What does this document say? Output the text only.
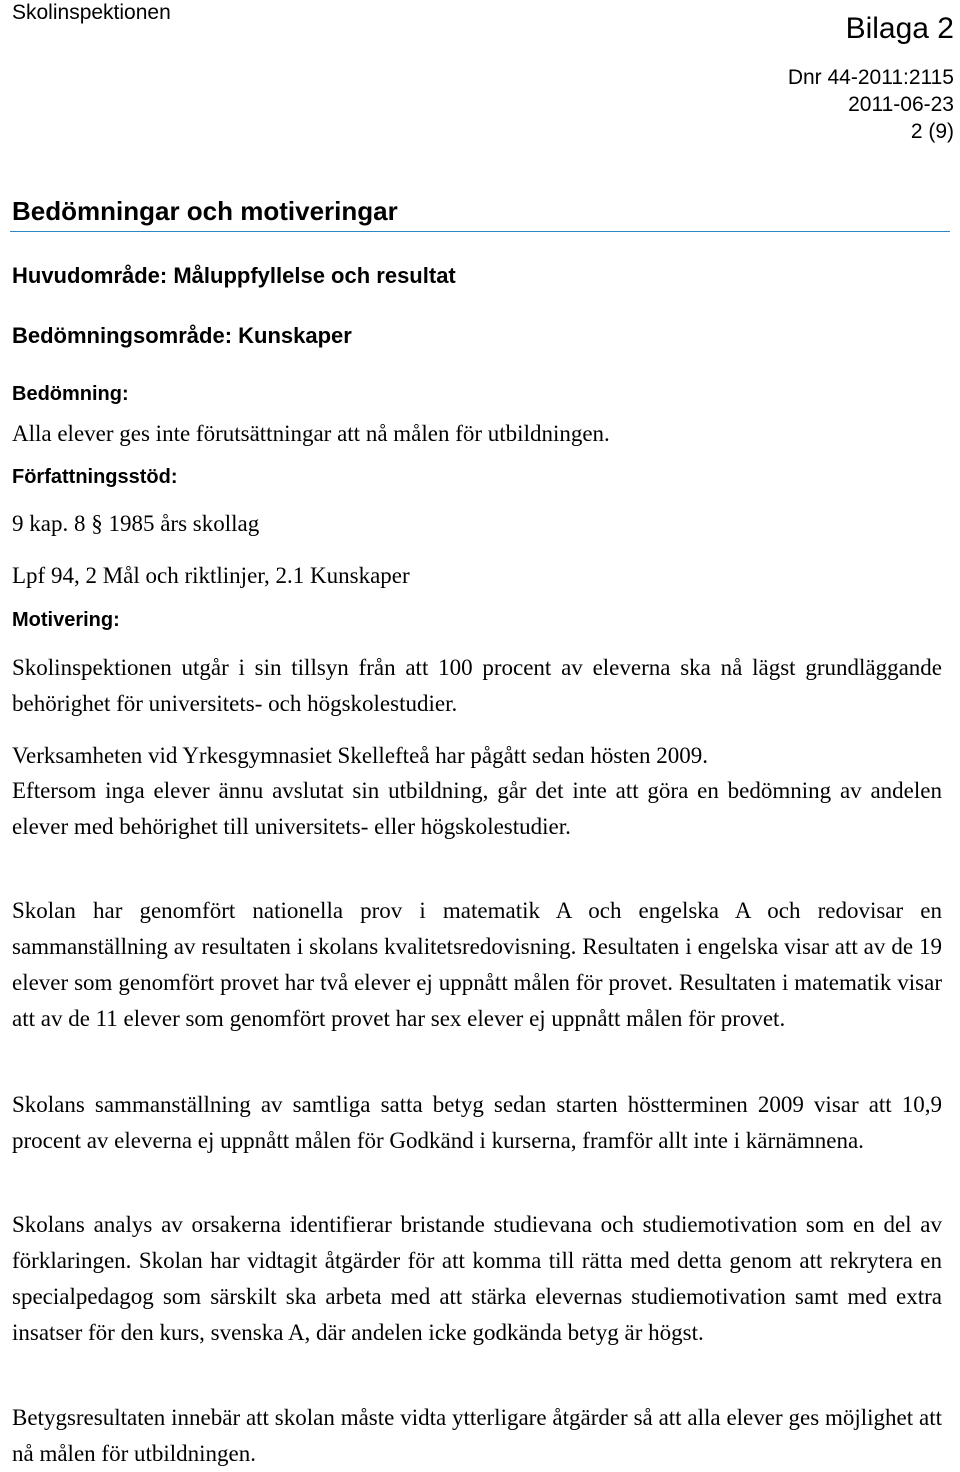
Skolinspektionen	Bilaga 2
Dnr 44-2011:2115
2011-06-23
2 (9)
Bedömningar och motiveringar
Huvudområde: Måluppfyllelse och resultat
Bedömningsområde: Kunskaper
Bedömning:

Alla elever ges inte förutsättningar att nå målen för utbildningen.

Författningsstöd:

9 kap. 8 § 1985 års skollag

Lpf 94, 2 Mål och riktlinjer, 2.1 Kunskaper

Motivering:

Skolinspektionen utgår i sin tillsyn från att 100 procent av eleverna ska nå lägst grundläggande behörighet för universitets- och högskolestudier.

Verksamheten vid Yrkesgymnasiet Skellefteå har pågått sedan hösten 2009.

Eftersom inga elever ännu avslutat sin utbildning, går det inte att göra en bedömning av andelen elever med behörighet till universitets- eller högskolestudier.

Skolan har genomfört nationella prov i matematik A och engelska A och redovisar en sammanställning av resultaten i skolans kvalitetsredovisning. Resultaten i engelska visar att av de 19 elever som genomfört provet har två elever ej uppnått målen för provet. Resultaten i matematik visar att av de 11 elever som genomfört provet har sex elever ej uppnått målen för provet.

Skolans sammanställning av samtliga satta betyg sedan starten höstterminen 2009 visar att 10,9 procent av eleverna ej uppnått målen för Godkänd i kurserna, framför allt inte i kärnämnena.

Skolans analys av orsakerna identifierar bristande studievana och studiemotivation som en del av förklaringen. Skolan har vidtagit åtgärder för att komma till rätta med detta genom att rekrytera en specialpedagog som särskilt ska arbeta med att stärka elevernas studiemotivation samt med extra insatser för den kurs, svenska A, där andelen icke godkända betyg är högst.

Betygsresultaten innebär att skolan måste vidta ytterligare åtgärder så att alla elever ges möjlighet att nå målen för utbildningen.
